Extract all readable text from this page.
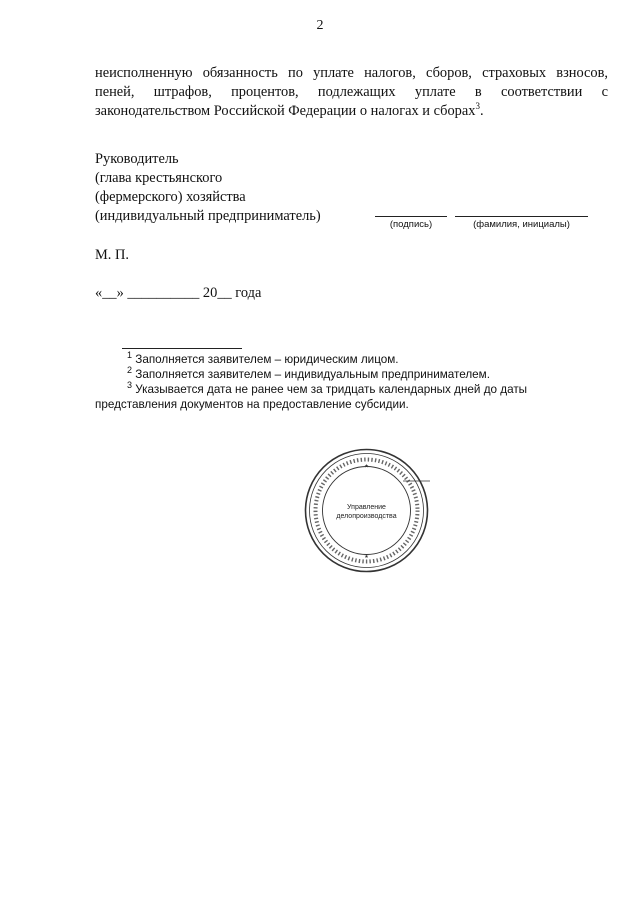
2
неисполненную обязанность по уплате налогов, сборов, страховых взносов,
пеней, штрафов, процентов, подлежащих уплате в соответствии с
законодательством Российской Федерации о налогах и сборах$^3$.
Руководитель
(глава крестьянского
(фермерского) хозяйства
(индивидуальный предприниматель)
(подпись)	(фамилия, инициалы)
М. П.
«__» __________ 20__ года
$^1$ Заполняется заявителем – юридическим лицом.
$^2$ Заполняется заявителем – индивидуальным предпринимателем.
$^3$ Указывается дата не ранее чем за тридцать календарных дней до даты представления документов на предоставление субсидии.
★
★
Управление
делопроизводства
